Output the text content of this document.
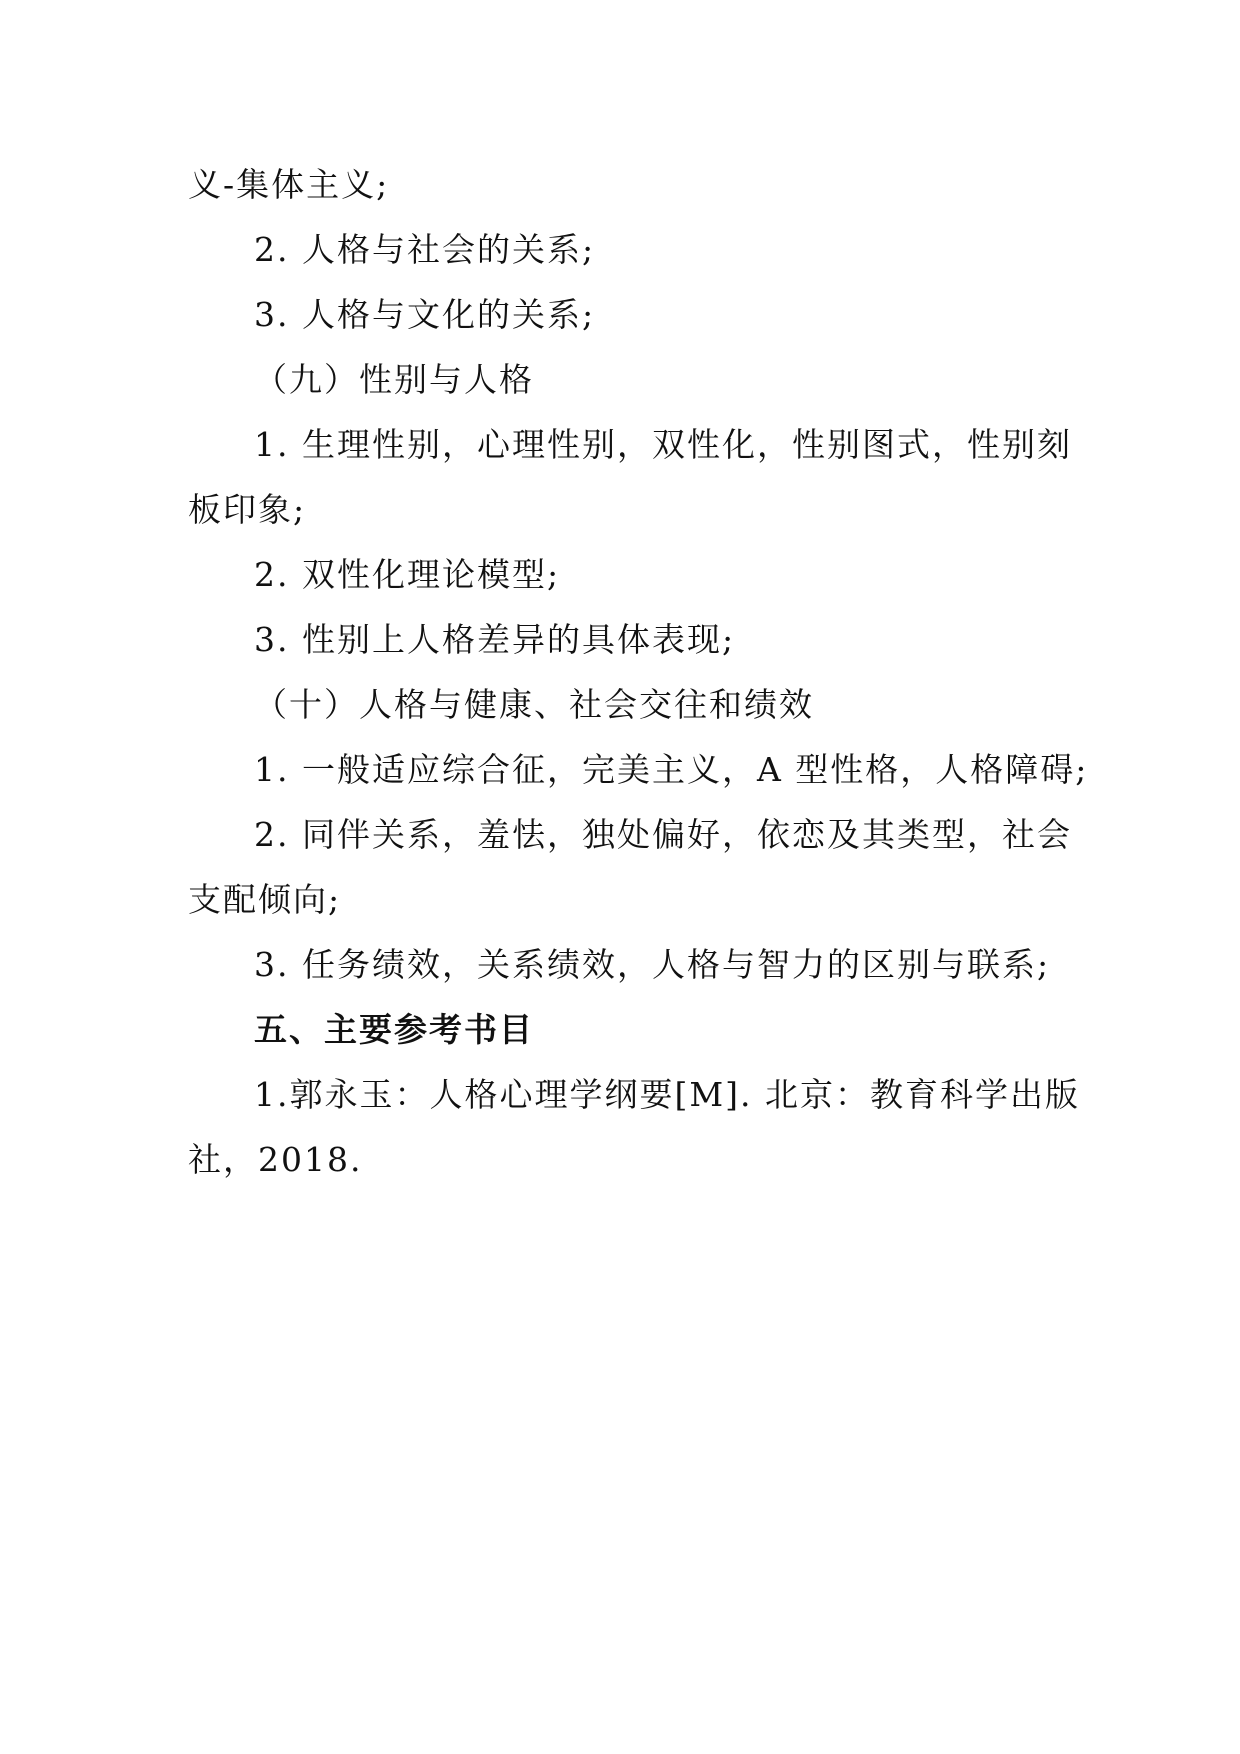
义-集体主义;
2. 人格与社会的关系;
3. 人格与文化的关系;
（九）性别与人格
1. 生理性别，心理性别，双性化，性别图式，性别刻
板印象;
2. 双性化理论模型;
3. 性别上人格差异的具体表现;
（十）人格与健康、社会交往和绩效
1. 一般适应综合征，完美主义，A 型性格，人格障碍;
2. 同伴关系，羞怯，独处偏好，依恋及其类型，社会
支配倾向;
3. 任务绩效，关系绩效，人格与智力的区别与联系;
五、主要参考书目
1.郭永玉：人格心理学纲要[M]. 北京：教育科学出版
社，2018.
